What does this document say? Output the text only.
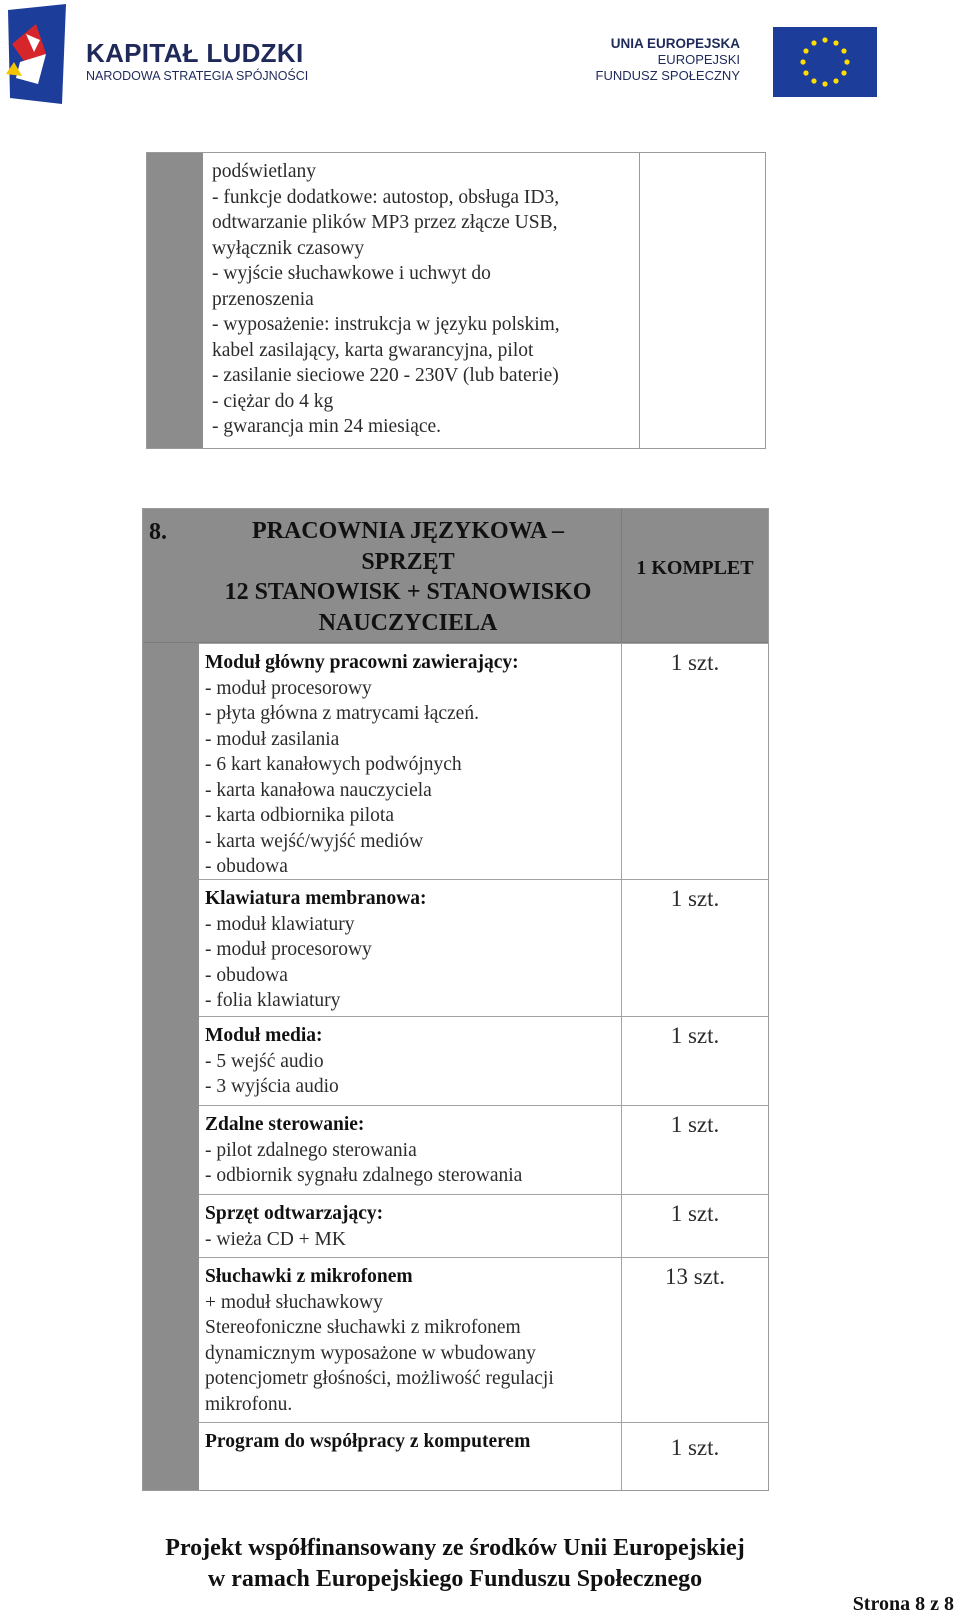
KAPITAŁ LUDZKI
NARODOWA STRATEGIA SPÓJNOŚCI
UNIA EUROPEJSKA
EUROPEJSKI
FUNDUSZ SPOŁECZNY
podświetlany
- funkcje dodatkowe: autostop, obsługa ID3,
odtwarzanie plików MP3 przez złącze USB,
wyłącznik czasowy
- wyjście słuchawkowe i uchwyt do
przenoszenia
- wyposażenie: instrukcja w języku polskim,
kabel zasilający, karta gwarancyjna, pilot
- zasilanie sieciowe 220 - 230V (lub baterie)
- ciężar do 4 kg
- gwarancja min 24 miesiące.
8.	PRACOWNIA JĘZYKOWA –
SPRZĘT
12 STANOWISK + STANOWISKO
NAUCZYCIELA
1 KOMPLET
Moduł główny pracowni zawierający:
- moduł procesorowy
- płyta główna z matrycami łączeń.
- moduł zasilania
- 6 kart kanałowych podwójnych
- karta kanałowa nauczyciela
- karta odbiornika pilota
- karta wejść/wyjść mediów
- obudowa
1 szt.
Klawiatura membranowa:
- moduł klawiatury
- moduł procesorowy
- obudowa
- folia klawiatury
1 szt.
Moduł media:
- 5 wejść audio
- 3 wyjścia audio
1 szt.
Zdalne sterowanie:
- pilot zdalnego sterowania
- odbiornik sygnału zdalnego sterowania
1 szt.
Sprzęt odtwarzający:
- wieża CD + MK
1 szt.
Słuchawki z mikrofonem
+ moduł słuchawkowy
Stereofoniczne słuchawki z mikrofonem
dynamicznym wyposażone w wbudowany
potencjometr głośności, możliwość regulacji
mikrofonu.
13 szt.
Program do współpracy z komputerem	1 szt.
Projekt współfinansowany ze środków Unii Europejskiej
w ramach Europejskiego Funduszu Społecznego
Strona 8 z 8
